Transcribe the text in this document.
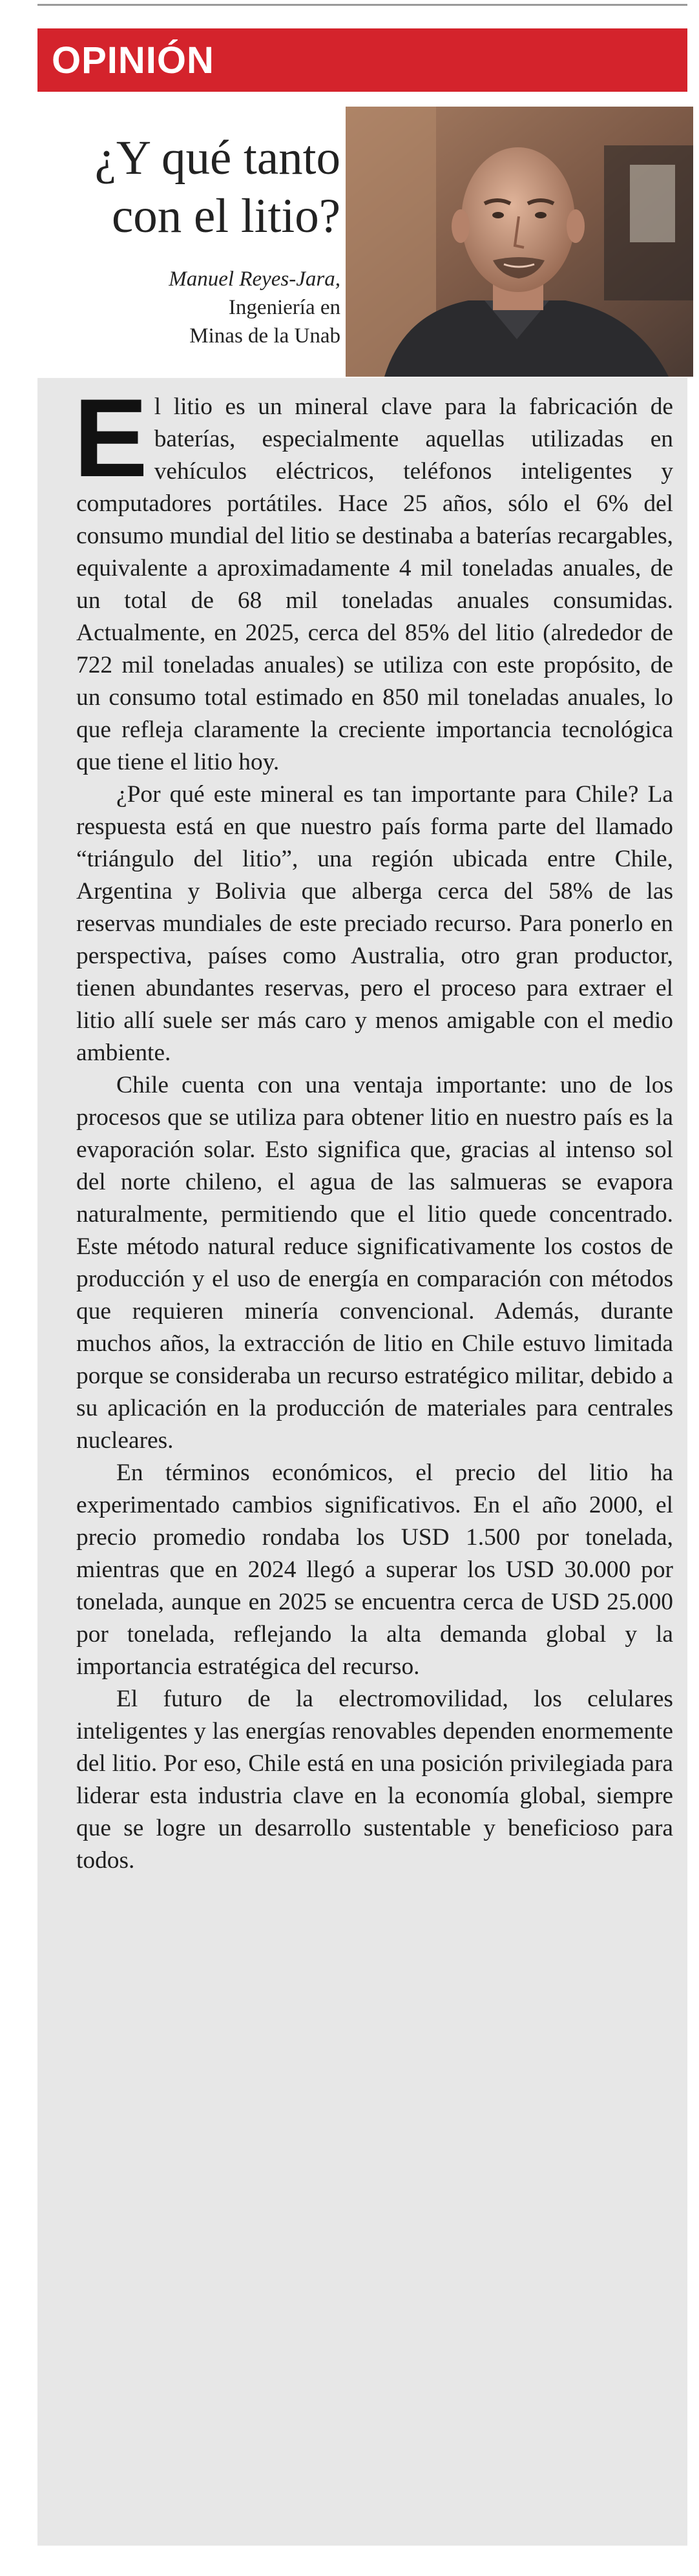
OPINIÓN
¿Y qué tanto
con el litio?
Manuel Reyes-Jara,
Ingeniería en
Minas de la Unab

El litio es un mineral clave para la fabricación de baterías, especialmente aquellas utilizadas en vehículos eléctricos, teléfonos inteligentes y computadores portátiles. Hace 25 años, sólo el 6% del consumo mundial del litio se destinaba a baterías recargables, equivalente a aproximadamente 4 mil toneladas anuales, de un total de 68 mil toneladas anuales consumidas. Actualmente, en 2025, cerca del 85% del litio (alrededor de 722 mil toneladas anuales) se utiliza con este propósito, de un consumo total estimado en 850 mil toneladas anuales, lo que refleja claramente la creciente importancia tecnológica que tiene el litio hoy.

¿Por qué este mineral es tan importante para Chile? La respuesta está en que nuestro país forma parte del llamado “triángulo del litio”, una región ubicada entre Chile, Argentina y Bolivia que alberga cerca del 58% de las reservas mundiales de este preciado recurso. Para ponerlo en perspectiva, países como Australia, otro gran productor, tienen abundantes reservas, pero el proceso para extraer el litio allí suele ser más caro y menos amigable con el medio ambiente.

Chile cuenta con una ventaja importante: uno de los procesos que se utiliza para obtener litio en nuestro país es la evaporación solar. Esto significa que, gracias al intenso sol del norte chileno, el agua de las salmueras se evapora naturalmente, permitiendo que el litio quede concentrado. Este método natural reduce significativamente los costos de producción y el uso de energía en comparación con métodos que requieren minería convencional. Además, durante muchos años, la extracción de litio en Chile estuvo limitada porque se consideraba un recurso estratégico militar, debido a su aplicación en la producción de materiales para centrales nucleares.

En términos económicos, el precio del litio ha experimentado cambios significativos. En el año 2000, el precio promedio rondaba los USD 1.500 por tonelada, mientras que en 2024 llegó a superar los USD 30.000 por tonelada, aunque en 2025 se encuentra cerca de USD 25.000 por tonelada, reflejando la alta demanda global y la importancia estratégica del recurso.

El futuro de la electromovilidad, los celulares inteligentes y las energías renovables dependen enormemente del litio. Por eso, Chile está en una posición privilegiada para liderar esta industria clave en la economía global, siempre que se logre un desarrollo sustentable y beneficioso para todos.
